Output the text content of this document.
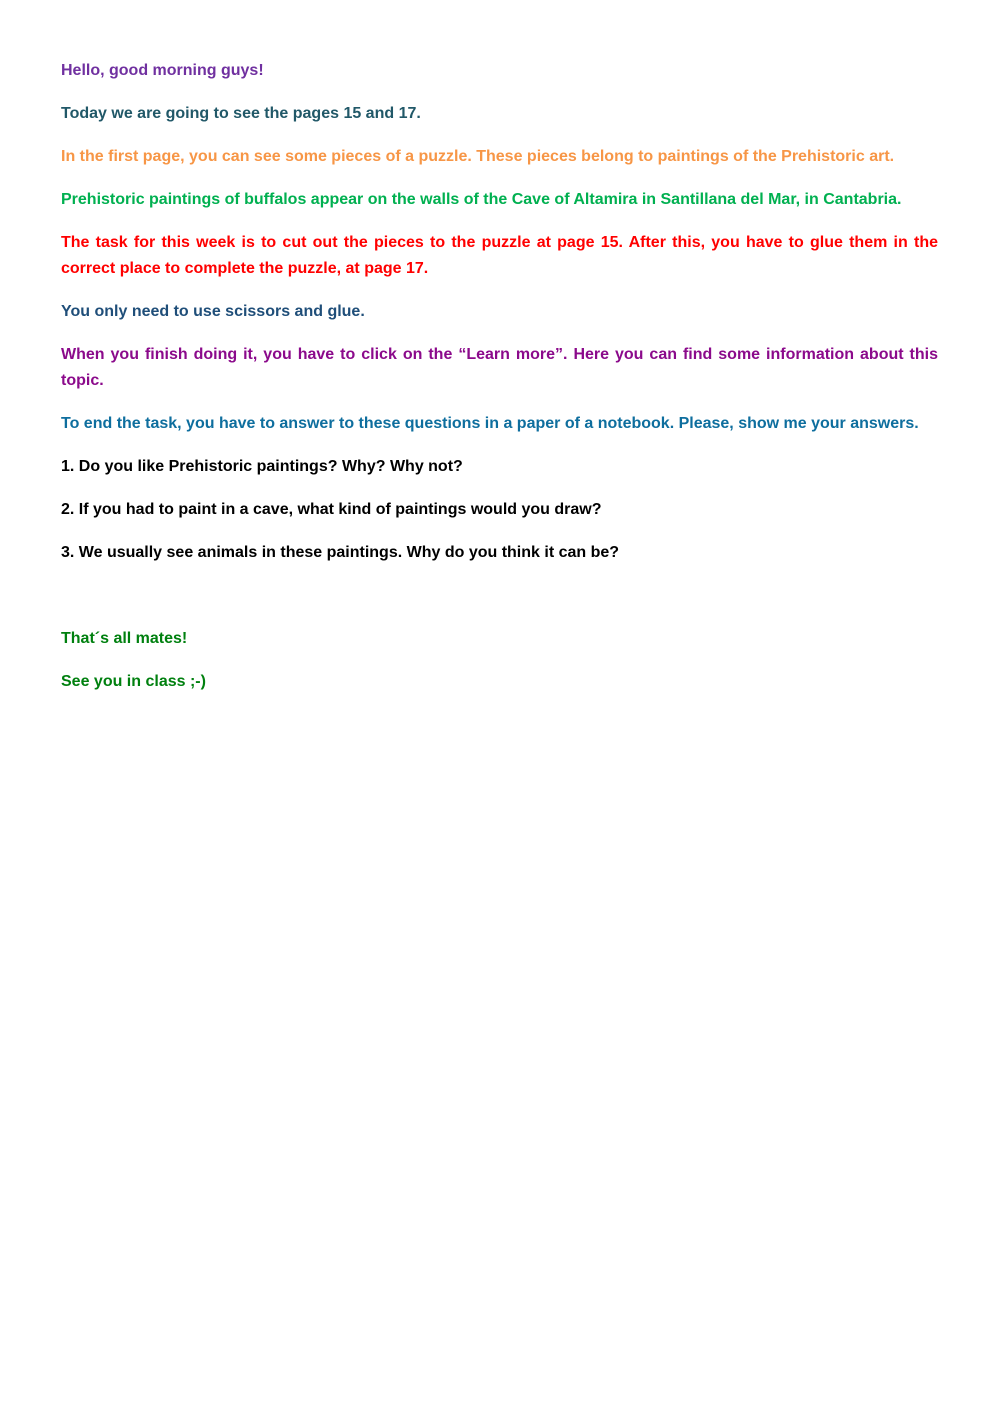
Hello, good morning guys!

Today we are going to see the pages 15 and 17.

In the first page, you can see some pieces of a puzzle. These pieces belong to paintings of the Prehistoric art.

Prehistoric paintings of buffalos appear on the walls of the Cave of Altamira in Santillana del Mar, in Cantabria.

The task for this week is to cut out the pieces to the puzzle at page 15. After this, you have to glue them in the correct place to complete the puzzle, at page 17.

You only need to use scissors and glue.

When you finish doing it, you have to click on the “Learn more”. Here you can find some information about this topic.

To end the task, you have to answer to these questions in a paper of a notebook. Please, show me your answers.

1. Do you like Prehistoric paintings? Why? Why not?

2. If you had to paint in a cave, what kind of paintings would you draw?

3. We usually see animals in these paintings. Why do you think it can be?

That´s all mates!

See you in class ;-)
